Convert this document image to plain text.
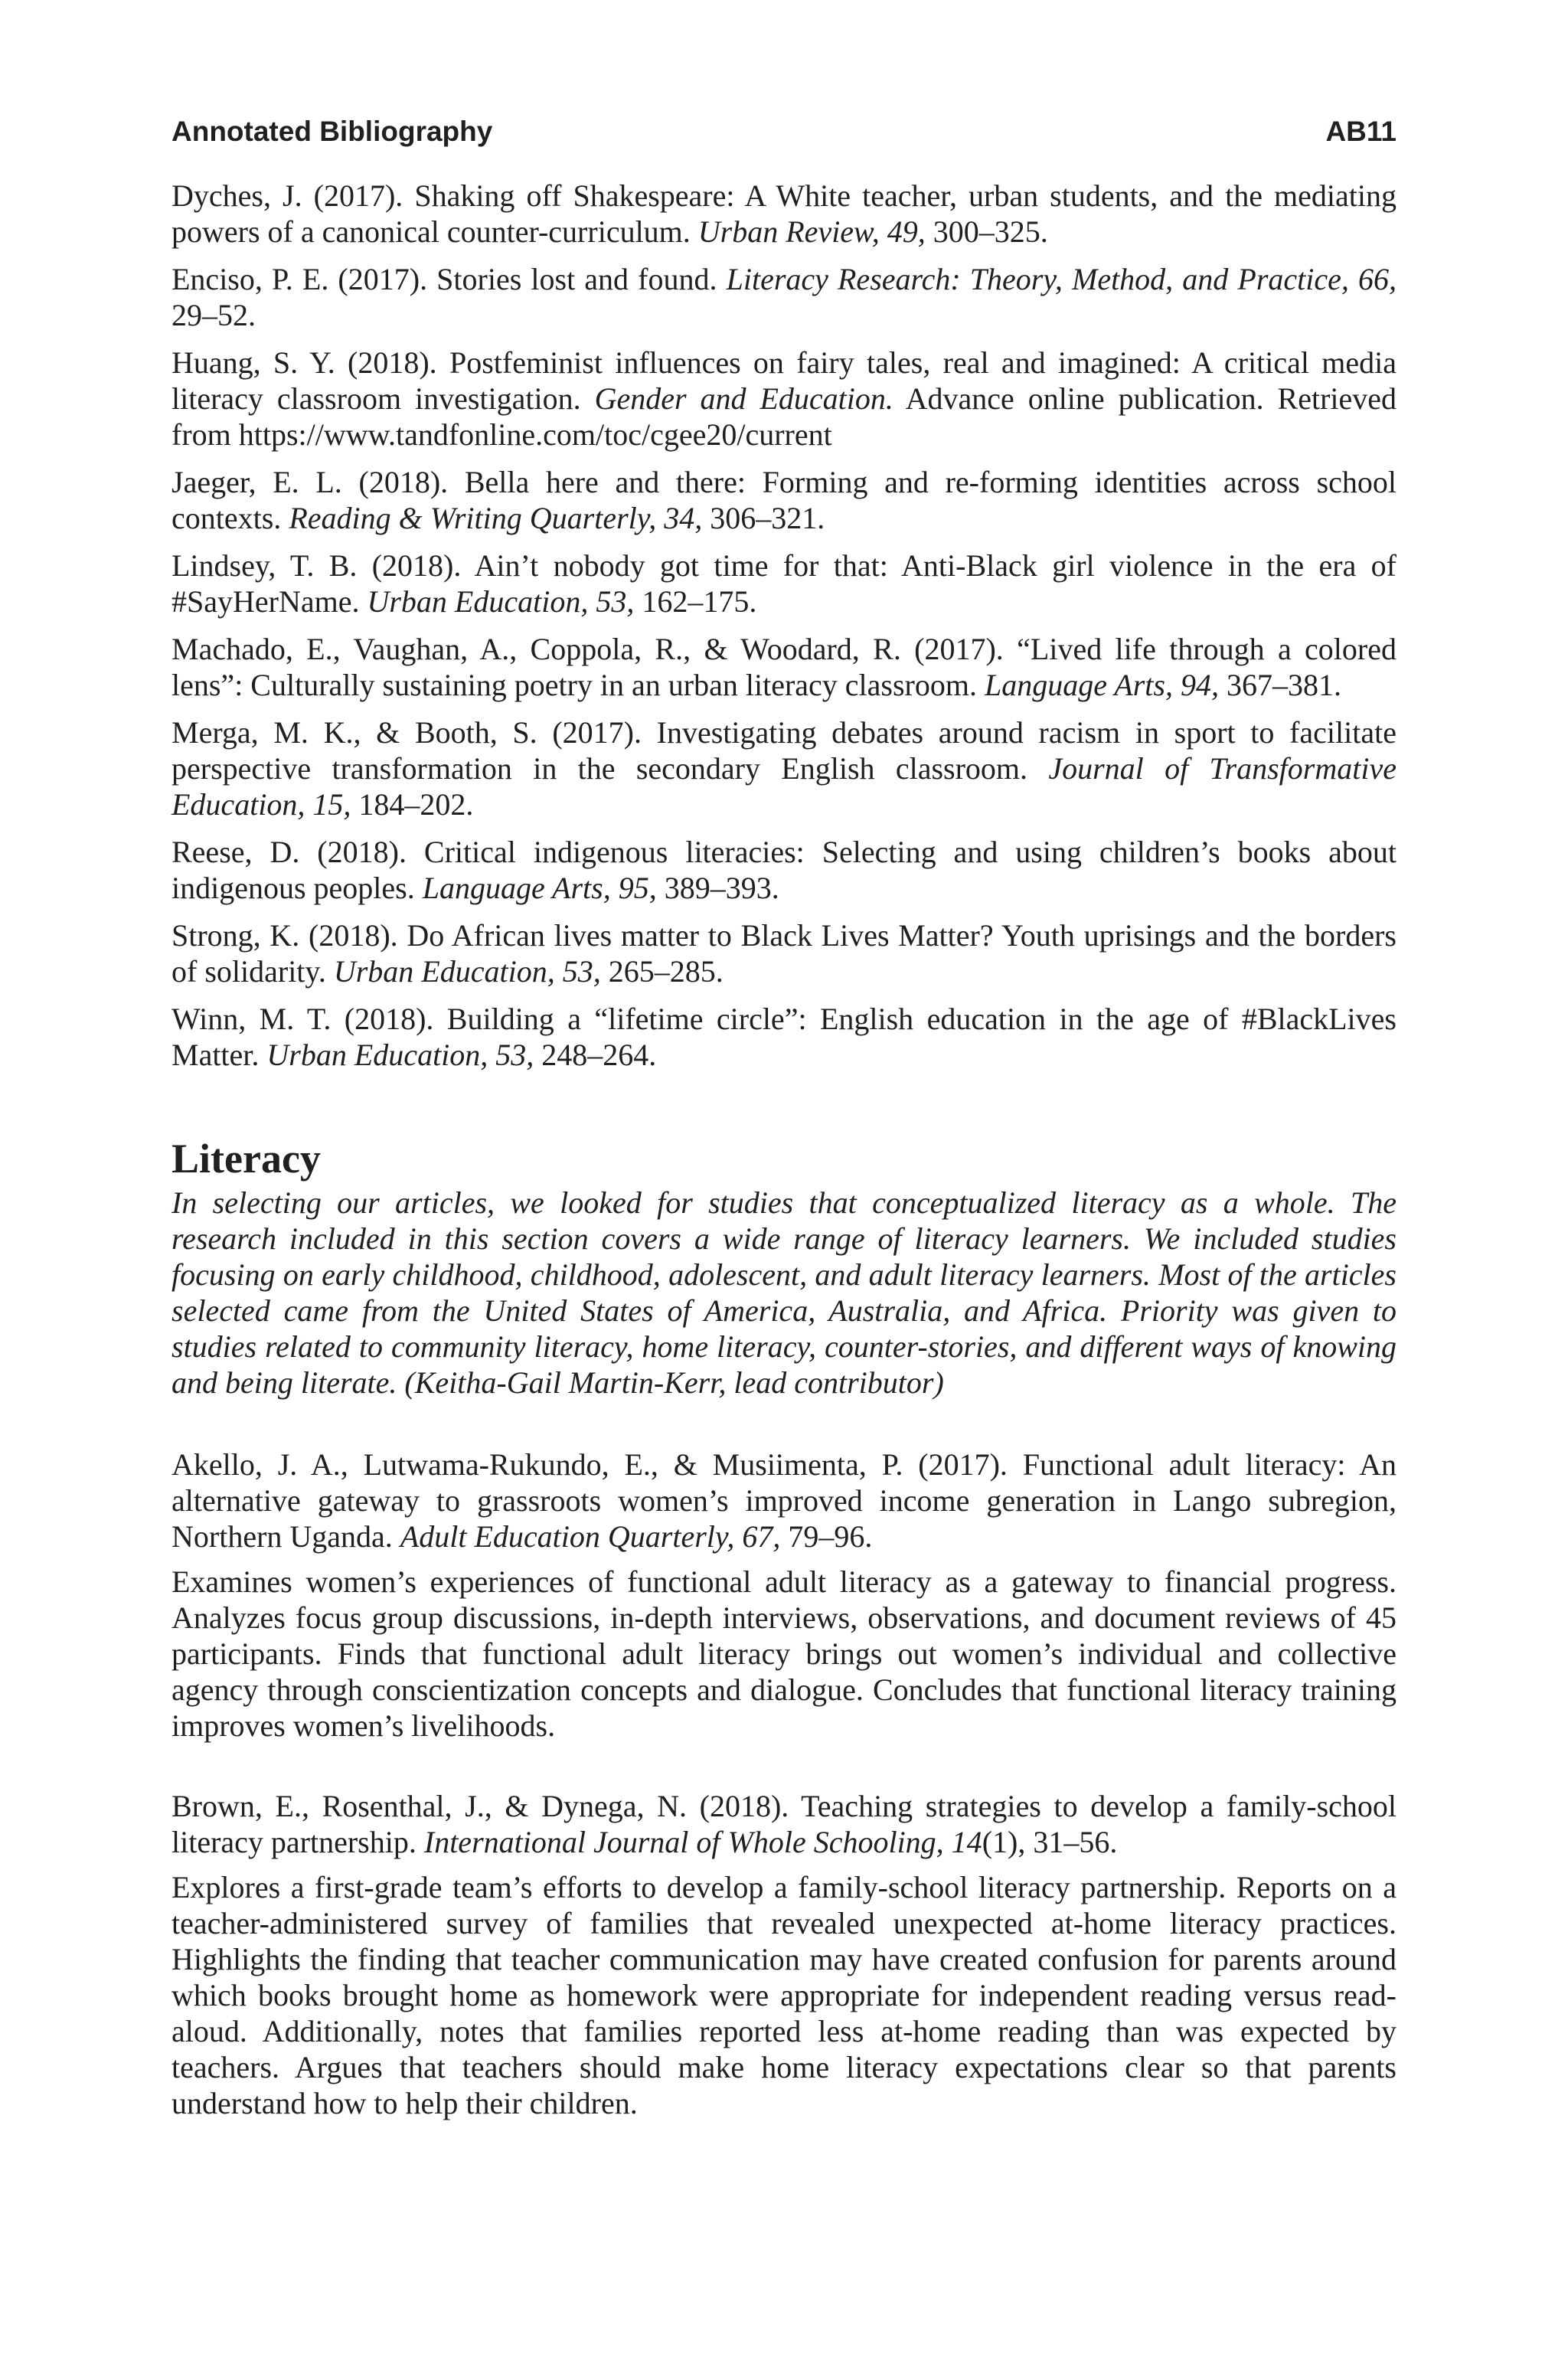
Annotated Bibliography	AB11

Dyches, J. (2017). Shaking off Shakespeare: A White teacher, urban students, and the mediating powers of a canonical counter-curriculum. Urban Review, 49, 300–325.

Enciso, P. E. (2017). Stories lost and found. Literacy Research: Theory, Method, and Practice, 66, 29–52.

Huang, S. Y. (2018). Postfeminist influences on fairy tales, real and imagined: A critical media literacy classroom investigation. Gender and Education. Advance online publication. Retrieved from https://www.tandfonline.com/toc/cgee20/current

Jaeger, E. L. (2018). Bella here and there: Forming and re-forming identities across school contexts. Reading & Writing Quarterly, 34, 306–321.

Lindsey, T. B. (2018). Ain’t nobody got time for that: Anti-Black girl violence in the era of #SayHerName. Urban Education, 53, 162–175.

Machado, E., Vaughan, A., Coppola, R., & Woodard, R. (2017). “Lived life through a colored lens”: Culturally sustaining poetry in an urban literacy classroom. Language Arts, 94, 367–381.

Merga, M. K., & Booth, S. (2017). Investigating debates around racism in sport to facilitate perspective transformation in the secondary English classroom. Journal of Transformative Education, 15, 184–202.

Reese, D. (2018). Critical indigenous literacies: Selecting and using children’s books about indigenous peoples. Language Arts, 95, 389–393.

Strong, K. (2018). Do African lives matter to Black Lives Matter? Youth uprisings and the borders of solidarity. Urban Education, 53, 265–285.

Winn, M. T. (2018). Building a “lifetime circle”: English education in the age of #BlackLives Matter. Urban Education, 53, 248–264.

Literacy

In selecting our articles, we looked for studies that conceptualized literacy as a whole. The research included in this section covers a wide range of literacy learners. We included studies focusing on early childhood, childhood, adolescent, and adult literacy learners. Most of the articles selected came from the United States of America, Australia, and Africa. Priority was given to studies related to community literacy, home literacy, counter-stories, and different ways of knowing and being literate. (Keitha-Gail Martin-Kerr, lead contributor)

Akello, J. A., Lutwama-Rukundo, E., & Musiimenta, P. (2017). Functional adult literacy: An alternative gateway to grassroots women’s improved income generation in Lango subregion, Northern Uganda. Adult Education Quarterly, 67, 79–96.

Examines women’s experiences of functional adult literacy as a gateway to financial progress. Analyzes focus group discussions, in-depth interviews, observations, and document reviews of 45 participants. Finds that functional adult literacy brings out women’s individual and collective agency through conscientization concepts and dialogue. Concludes that functional literacy training improves women’s livelihoods.

Brown, E., Rosenthal, J., & Dynega, N. (2018). Teaching strategies to develop a family-school literacy partnership. International Journal of Whole Schooling, 14(1), 31–56.

Explores a first-grade team’s efforts to develop a family-school literacy partnership. Reports on a teacher-administered survey of families that revealed unexpected at-home literacy practices. Highlights the finding that teacher communication may have created confusion for parents around which books brought home as homework were appropriate for independent reading versus read-aloud. Additionally, notes that families reported less at-home reading than was expected by teachers. Argues that teachers should make home literacy expectations clear so that parents understand how to help their children.
